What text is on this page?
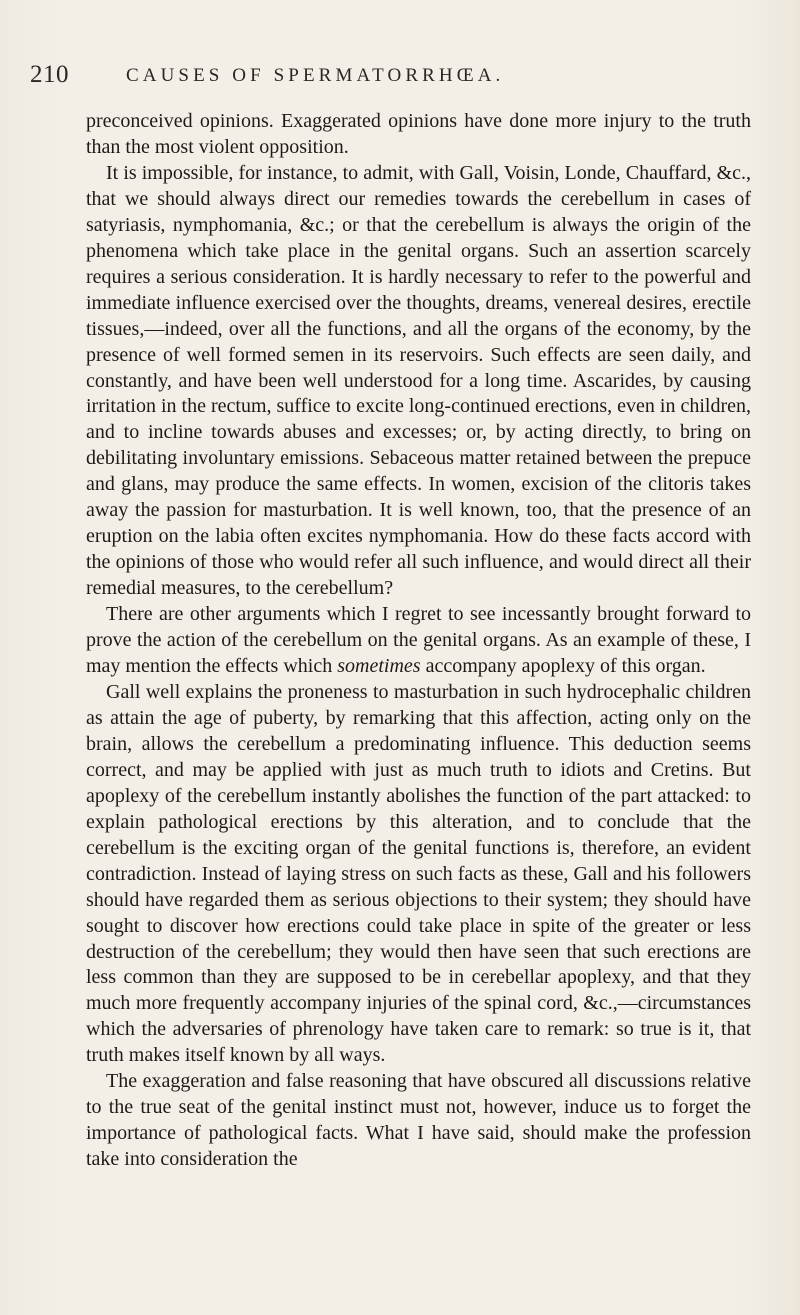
210	CAUSES OF SPERMATORRHŒA.

preconceived opinions. Exaggerated opinions have done more injury to the truth than the most violent opposition.

It is impossible, for instance, to admit, with Gall, Voisin, Londe, Chauffard, &c., that we should always direct our remedies towards the cerebellum in cases of satyriasis, nymphomania, &c.; or that the cerebellum is always the origin of the phenomena which take place in the genital organs. Such an assertion scarcely requires a serious consideration. It is hardly necessary to refer to the powerful and immediate influence exercised over the thoughts, dreams, venereal desires, erectile tissues,—indeed, over all the functions, and all the organs of the economy, by the presence of well formed semen in its reservoirs. Such effects are seen daily, and constantly, and have been well understood for a long time. Ascarides, by causing irritation in the rectum, suffice to excite long-continued erections, even in children, and to incline towards abuses and excesses; or, by acting directly, to bring on debilitating involuntary emissions. Sebaceous matter retained between the prepuce and glans, may produce the same effects. In women, excision of the clitoris takes away the passion for masturbation. It is well known, too, that the presence of an eruption on the labia often excites nymphomania. How do these facts accord with the opinions of those who would refer all such influence, and would direct all their remedial measures, to the cerebellum?

There are other arguments which I regret to see incessantly brought forward to prove the action of the cerebellum on the genital organs. As an example of these, I may mention the effects which sometimes accompany apoplexy of this organ.

Gall well explains the proneness to masturbation in such hydrocephalic children as attain the age of puberty, by remarking that this affection, acting only on the brain, allows the cerebellum a predominating influence. This deduction seems correct, and may be applied with just as much truth to idiots and Cretins. But apoplexy of the cerebellum instantly abolishes the function of the part attacked: to explain pathological erections by this alteration, and to conclude that the cerebellum is the exciting organ of the genital functions is, therefore, an evident contradiction. Instead of laying stress on such facts as these, Gall and his followers should have regarded them as serious objections to their system; they should have sought to discover how erections could take place in spite of the greater or less destruction of the cerebellum; they would then have seen that such erections are less common than they are supposed to be in cerebellar apoplexy, and that they much more frequently accompany injuries of the spinal cord, &c.,—circumstances which the adversaries of phrenology have taken care to remark: so true is it, that truth makes itself known by all ways.

The exaggeration and false reasoning that have obscured all discussions relative to the true seat of the genital instinct must not, however, induce us to forget the importance of pathological facts. What I have said, should make the profession take into consideration the
